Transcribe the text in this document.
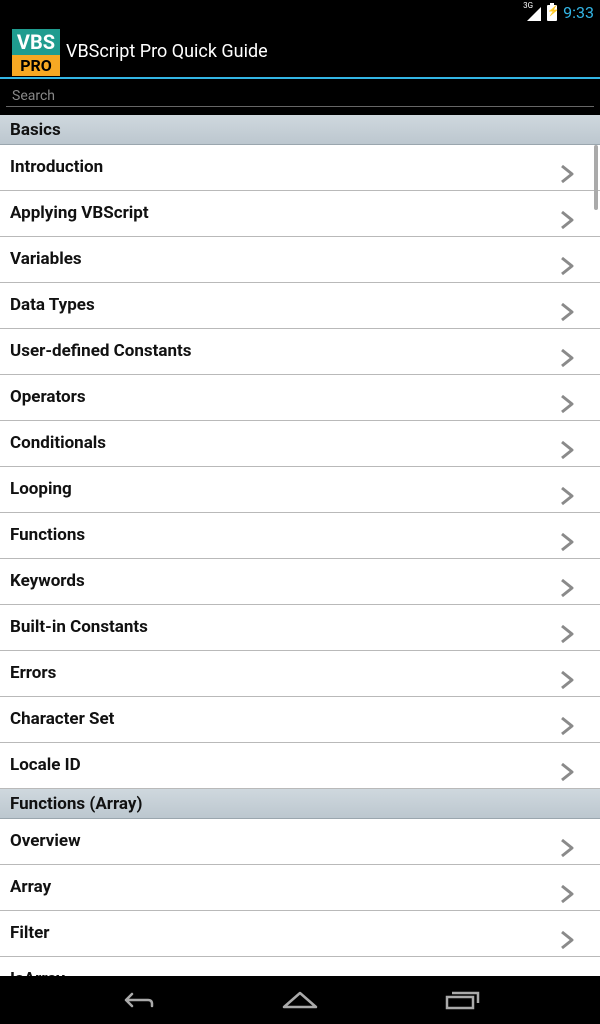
3G
⚡ 9:33
VBS
PRO
VBScript Pro Quick Guide
Search
Basics
Introduction
Applying VBScript
Variables
Data Types
User-defined Constants
Operators
Conditionals
Looping
Functions
Keywords
Built-in Constants
Errors
Character Set
Locale ID
Functions (Array)
Overview
Array
Filter
